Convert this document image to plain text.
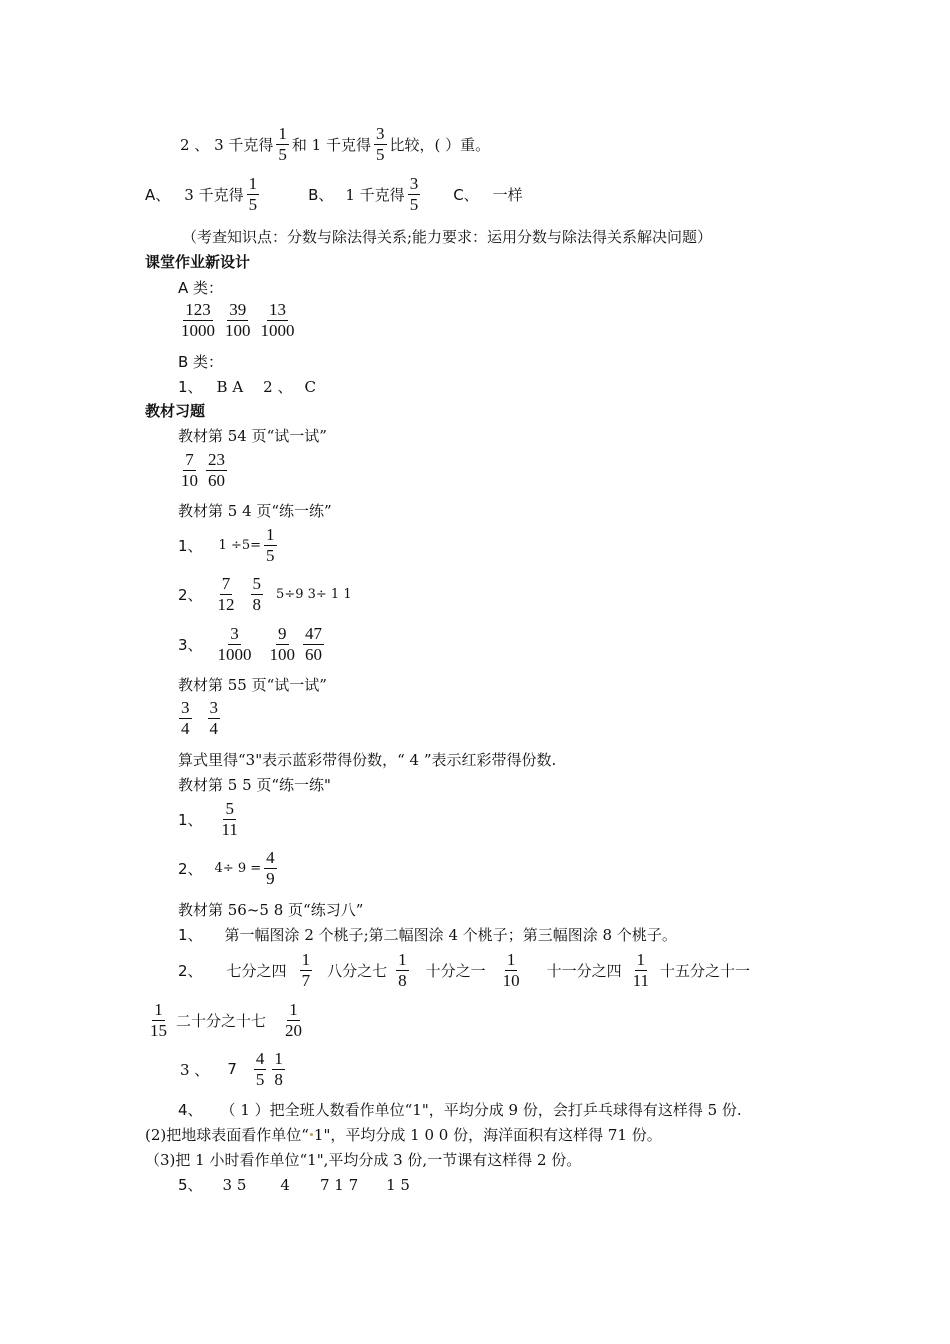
2 、 3 千克得 $\frac{1}{5}$ 和 1 千克得 $\frac{3}{5}$ 比较，( ）重。
A、 3 千克得 $\frac{1}{5}$	B、 1 千克得 $\frac{3}{5}$ C、 一样
（考查知识点：分数与除法得关系;能力要求：运用分数与除法得关系解决问题）
课堂作业新设计
A 类：
$\frac{123}{1000} \frac{39}{100} \frac{13}{1000}$
B 类：
1、 B A 2 、 C
教材习题
教材第 54 页“试一试”
$\frac{7}{10} \frac{23}{60}$
教材第 5 4 页“练一练”
1、 $1 \div 5= \frac{1}{5}$
2、 $\frac{7}{12} \frac{5}{8} 5\div 9$ 3÷ 1 1
3、 $\frac{3}{1000} \frac{9}{100} \frac{47}{60}$
教材第 55 页“试一试”
$\frac{3}{4} \frac{3}{4}$
算式里得“3"表示蓝彩带得份数，“ 4 ”表示红彩带得份数.
教材第 5 5 页“练一练"
1、 $\frac{5}{11}$
2、 $4\div 9 = \frac{4}{9}$
教材第 56~5 8 页“练习八”
1、 第一幅图涂 2 个桃子;第二幅图涂 4 个桃子；第三幅图涂 8 个桃子。
2、 七分之四 $\frac{1}{7}$ 八分之七 $\frac{1}{8}$ 十分之一 $\frac{1}{10}$ 十一分之四 $\frac{1}{11}$ 十五分之十一
$\frac{1}{15}$ 二十分之十七 $\frac{1}{20}$
3 、 $7 \frac{4}{5} \frac{1}{8}$
4、 （ 1 ）把全班人数看作单位“1"，平均分成 9 份，会打乒乓球得有这样得 5 份.
(2)把地球表面看作单位“ 1"，平均分成 1 0 0 份，海洋面积有这样得 71 份。
（3)把 1 小时看作单位“1",平均分成 3 份,一节课有这样得 2 份。
5、 3 5 4 7 1 7 1 5
